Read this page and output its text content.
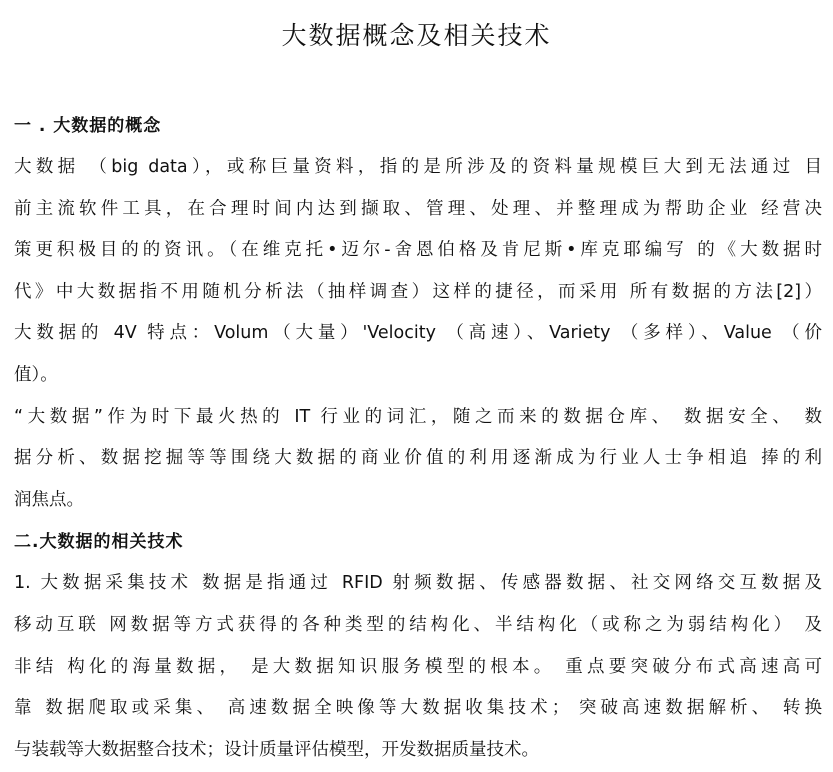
大数据概念及相关技术
一 . 大数据的概念
大数据 （big data），或称巨量资料，指的是所涉及的资料量规模巨大到无法通过 目
前主流软件工具，在合理时间内达到撷取、管理、处理、并整理成为帮助企业 经营决
策更积极目的的资讯。（在维克托•迈尔-舍恩伯格及肯尼斯•库克耶编写 的《大数据时
代》中大数据指不用随机分析法（抽样调查）这样的捷径，而采用 所有数据的方法[2]）
大数据的 4V 特点：Volum（大量）'Velocity （高速）、Variety （多样）、Value （价
值）。
“大数据”作为时下最火热的 IT 行业的词汇，随之而来的数据仓库、 数据安全、 数
据分析、数据挖掘等等围绕大数据的商业价值的利用逐渐成为行业人士争相追 捧的利
润焦点。
二.大数据的相关技术
1. 大数据采集技术 数据是指通过 RFID 射频数据、传感器数据、社交网络交互数据及
移动互联 网数据等方式获得的各种类型的结构化、半结构化（或称之为弱结构化） 及
非结 构化的海量数据， 是大数据知识服务模型的根本。 重点要突破分布式高速高可
靠 数据爬取或采集、 高速数据全映像等大数据收集技术； 突破高速数据解析、 转换
与装载等大数据整合技术；设计质量评估模型，开发数据质量技术。
